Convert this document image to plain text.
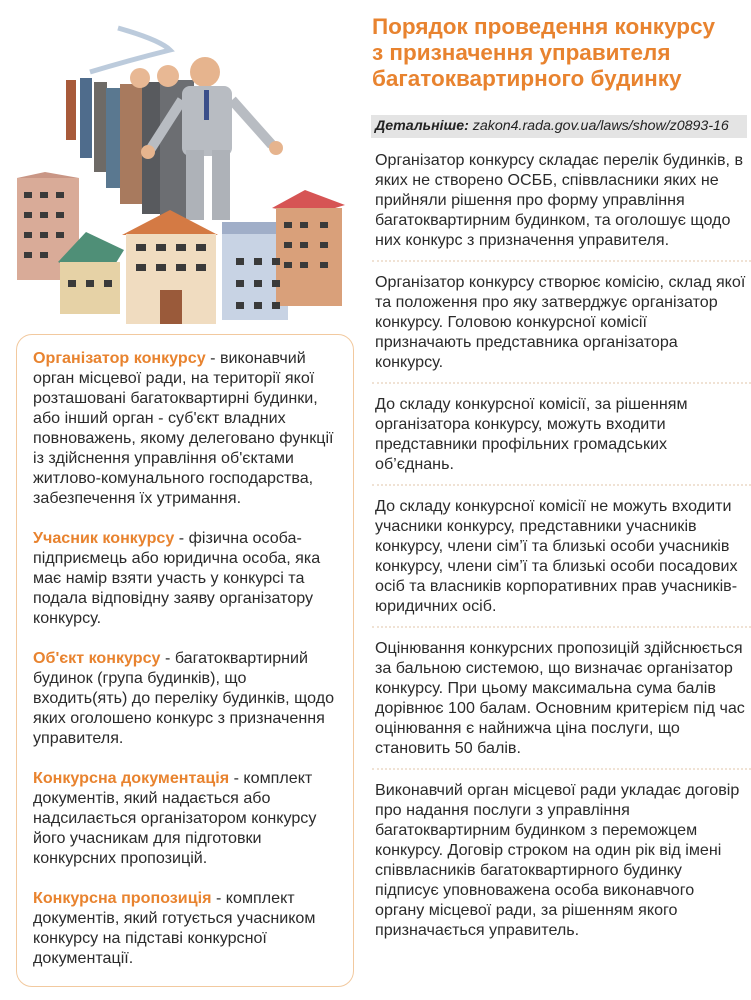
Порядок проведення конкурсу
з призначення управителя
багатоквартирного будинку
Детальніше: zakon4.rada.gov.ua/laws/show/z0893-16

Організатор конкурсу складає перелік будинків, в яких не створено ОСББ, співвласники яких не прийняли рішення про форму управління багатоквартирним будинком, та оголошує щодо них конкурс з призначення управителя.

Організатор конкурсу створює комісію, склад якої та положення про яку затверджує організатор конкурсу. Головою конкурсної комісії призначають представника організатора конкурсу.

До складу конкурсної комісії, за рішенням організатора конкурсу, можуть входити представники профільних громадських об’єднань.

До складу конкурсної комісії не можуть входити учасники конкурсу, представники учасників конкурсу, члени сім’ї та близькі особи учасників конкурсу, члени сім’ї та близькі особи посадових осіб та власників корпоративних прав учасників-юридичних осіб.

Оцінювання конкурсних пропозицій здійснюється за бальною системою, що визначає організатор конкурсу. При цьому максимальна сума балів дорівнює 100 балам. Основним критерієм під час оцінювання є найнижча ціна послуги, що становить 50 балів.

Виконавчий орган місцевої ради укладає договір про надання послуги з управління багатоквартирним будинком з переможцем конкурсу. Договір строком на один рік від імені співвласників багатоквартирного будинку підписує уповноважена особа виконавчого органу місцевої ради, за рішенням якого призначається управитель.

Організатор конкурсу - виконавчий орган місцевої ради, на території якої розташовані багатоквартирні будинки, або інший орган - суб'єкт владних повноважень, якому делеговано функції із здійснення управління об'єктами житлово-комунального господарства, забезпечення їх утримання.

Учасник конкурсу - фізична особа-підприємець або юридична особа, яка має намір взяти участь у конкурсі та подала відповідну заяву організатору конкурсу.

Об'єкт конкурсу - багатоквартирний будинок (група будинків), що входить(ять) до переліку будинків, щодо яких оголошено конкурс з призначення управителя.

Конкурсна документація - комплект документів, який надається або надсилається організатором конкурсу його учасникам для підготовки конкурсних пропозицій.

Конкурсна пропозиція - комплект документів, який готується учасником конкурсу на підставі конкурсної документації.
